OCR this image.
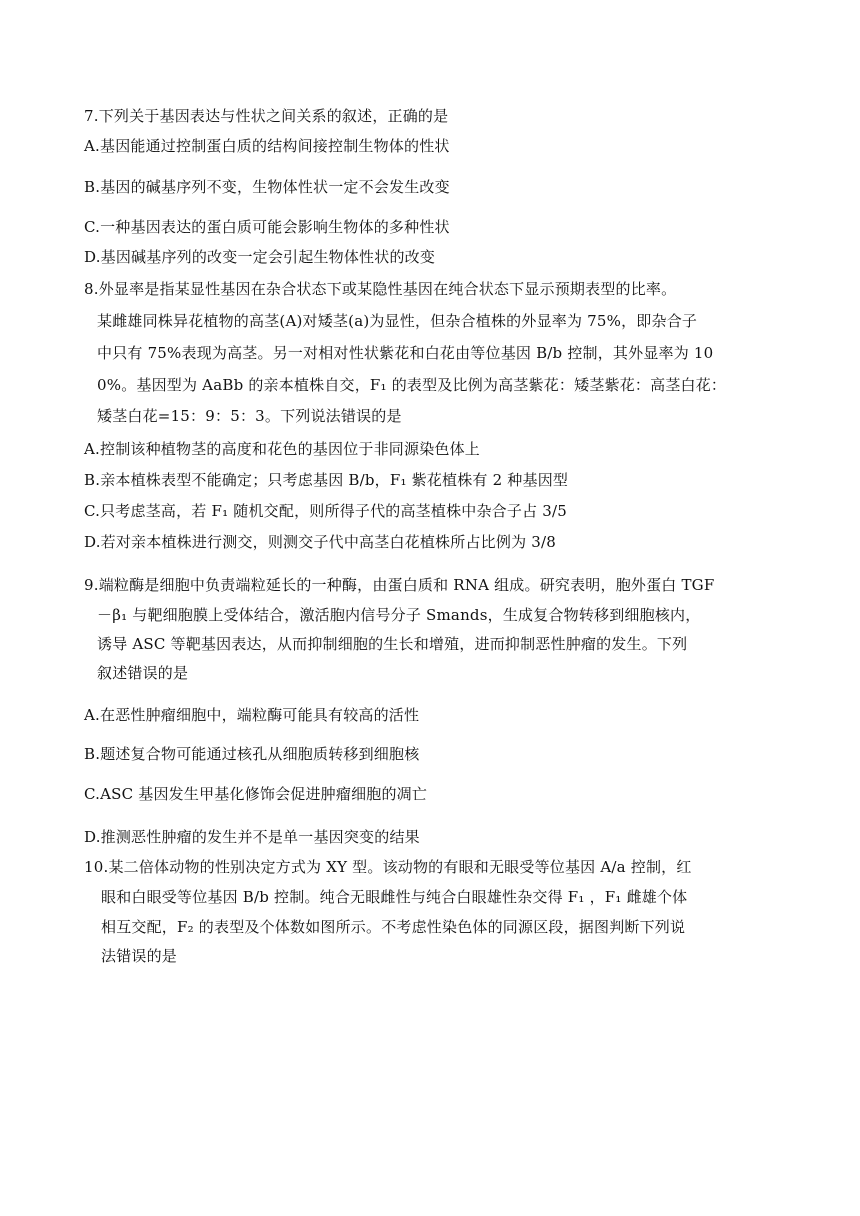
7.下列关于基因表达与性状之间关系的叙述，正确的是
A.基因能通过控制蛋白质的结构间接控制生物体的性状
B.基因的碱基序列不变，生物体性状一定不会发生改变
C.一种基因表达的蛋白质可能会影响生物体的多种性状
D.基因碱基序列的改变一定会引起生物体性状的改变
8.外显率是指某显性基因在杂合状态下或某隐性基因在纯合状态下显示预期表型的比率。
某雌雄同株异花植物的高茎(A)对矮茎(a)为显性，但杂合植株的外显率为 75%，即杂合子
中只有 75%表现为高茎。另一对相对性状紫花和白花由等位基因 B/b 控制，其外显率为 10
0%。基因型为 AaBb 的亲本植株自交，F₁ 的表型及比例为高茎紫花：矮茎紫花：高茎白花：
矮茎白花=15：9：5：3。下列说法错误的是
A.控制该种植物茎的高度和花色的基因位于非同源染色体上
B.亲本植株表型不能确定；只考虑基因 B/b，F₁ 紫花植株有 2 种基因型
C.只考虑茎高，若 F₁ 随机交配，则所得子代的高茎植株中杂合子占 3/5
D.若对亲本植株进行测交，则测交子代中高茎白花植株所占比例为 3/8
9.端粒酶是细胞中负责端粒延长的一种酶，由蛋白质和 RNA 组成。研究表明，胞外蛋白 TGF
－β₁ 与靶细胞膜上受体结合，激活胞内信号分子 Smands，生成复合物转移到细胞核内，
诱导 ASC 等靶基因表达，从而抑制细胞的生长和增殖，进而抑制恶性肿瘤的发生。下列
叙述错误的是
A.在恶性肿瘤细胞中，端粒酶可能具有较高的活性
B.题述复合物可能通过核孔从细胞质转移到细胞核
C.ASC 基因发生甲基化修饰会促进肿瘤细胞的凋亡
D.推测恶性肿瘤的发生并不是单一基因突变的结果
10.某二倍体动物的性别决定方式为 XY 型。该动物的有眼和无眼受等位基因 A/a 控制，红
眼和白眼受等位基因 B/b 控制。纯合无眼雌性与纯合白眼雄性杂交得 F₁ ，F₁ 雌雄个体
相互交配，F₂ 的表型及个体数如图所示。不考虑性染色体的同源区段，据图判断下列说
法错误的是
